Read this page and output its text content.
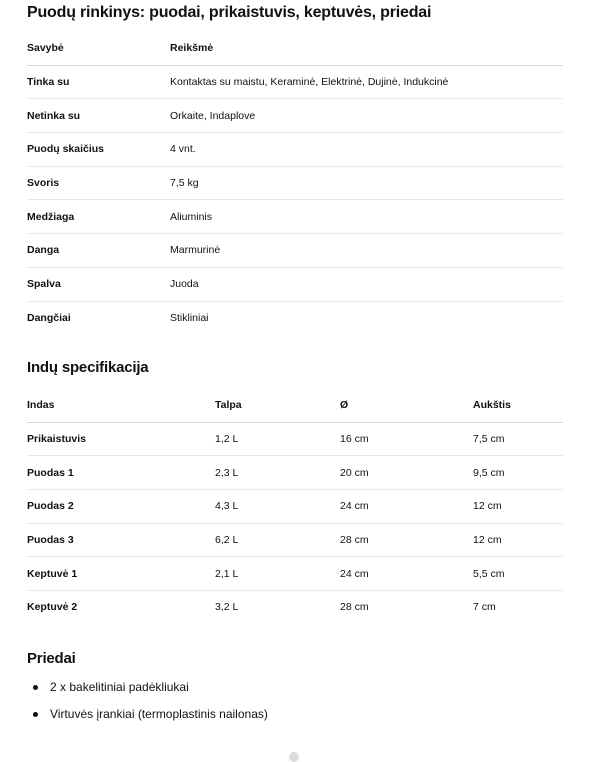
Puodų rinkinys: puodai, prikaistuvis, keptuvės, priedai
Savybė	Reikšmė
Tinka su	Kontaktas su maistu, Keraminė, Elektrinė, Dujinė, Indukcinė
Netinka su	Orkaite, Indaplove
Puodų skaičius	4 vnt.
Svoris	7,5 kg
Medžiaga	Aliuminis
Danga	Marmurinė
Spalva	Juoda
Dangčiai	Stikliniai
Indų specifikacija
Indas	Talpa	Ø	Aukštis
Prikaistuvis	1,2 L	16 cm	7,5 cm
Puodas 1	2,3 L	20 cm	9,5 cm
Puodas 2	4,3 L	24 cm	12 cm
Puodas 3	6,2 L	28 cm	12 cm
Keptuvė 1	2,1 L	24 cm	5,5 cm
Keptuvė 2	3,2 L	28 cm	7 cm
Priedai
2 x bakelitiniai padėkliukai
Virtuvės įrankiai (termoplastinis nailonas)
